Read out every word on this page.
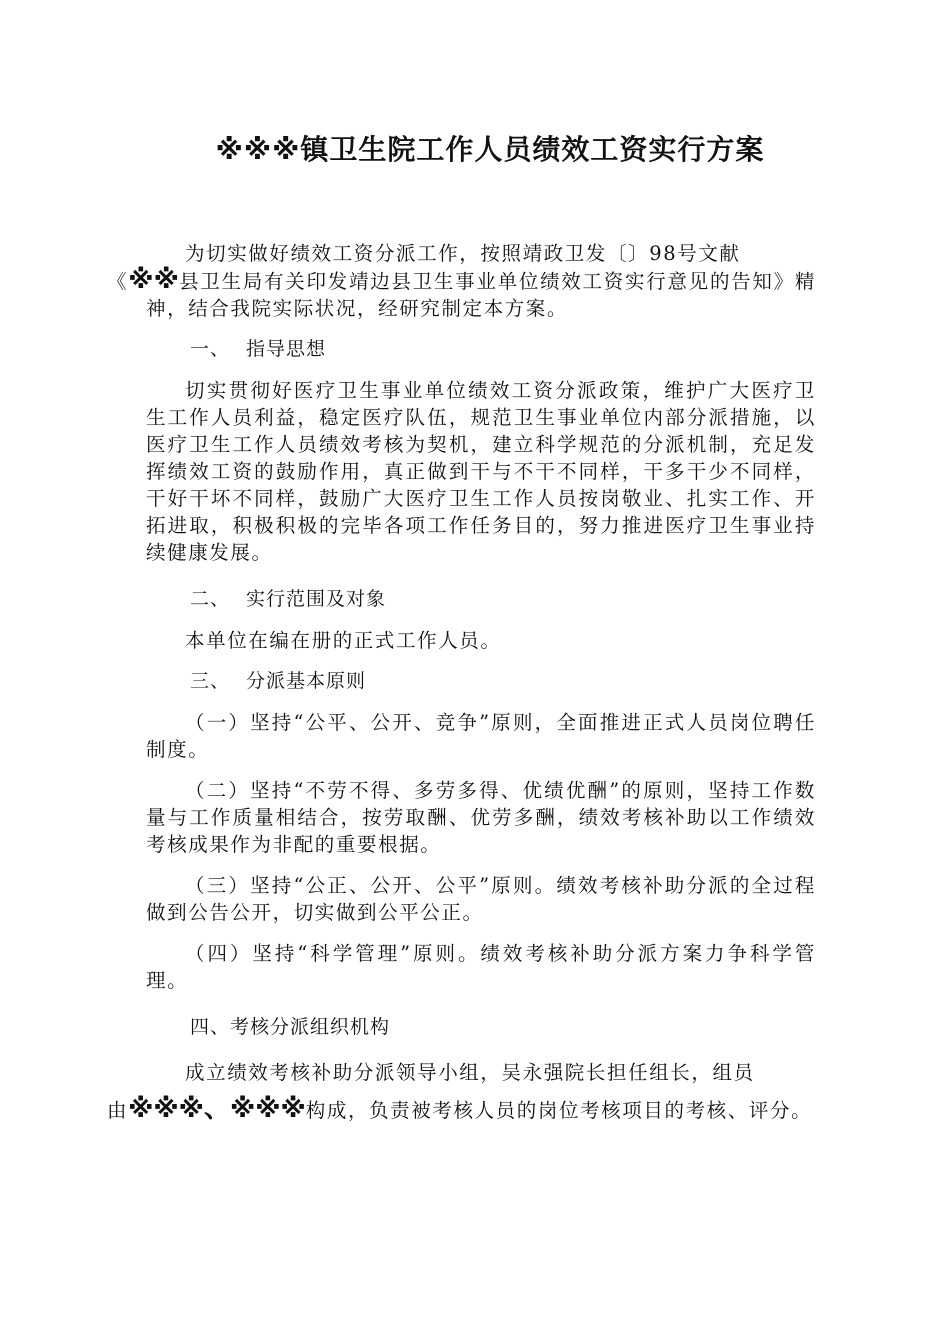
※※※镇卫生院工作人员绩效工资实行方案

为切实做好绩效工资分派工作，按照靖政卫发〔〕98号文献
《※※县卫生局有关印发靖边县卫生事业单位绩效工资实行意见的告知》精神，结合我院实际状况，经研究制定本方案。

一、 指导思想

切实贯彻好医疗卫生事业单位绩效工资分派政策，维护广大医疗卫生工作人员利益，稳定医疗队伍，规范卫生事业单位内部分派措施，以医疗卫生工作人员绩效考核为契机，建立科学规范的分派机制，充足发挥绩效工资的鼓励作用，真正做到干与不干不同样，干多干少不同样，干好干坏不同样，鼓励广大医疗卫生工作人员按岗敬业、扎实工作、开拓进取，积极积极的完毕各项工作任务目的，努力推进医疗卫生事业持续健康发展。

二、 实行范围及对象

本单位在编在册的正式工作人员。

三、 分派基本原则

（一）坚持“公平、公开、竞争”原则，全面推进正式人员岗位聘任制度。

（二）坚持“不劳不得、多劳多得、优绩优酬”的原则，坚持工作数量与工作质量相结合，按劳取酬、优劳多酬，绩效考核补助以工作绩效考核成果作为非配的重要根据。

（三）坚持“公正、公开、公平”原则。绩效考核补助分派的全过程做到公告公开，切实做到公平公正。

（四）坚持“科学管理”原则。绩效考核补助分派方案力争科学管理。

四、考核分派组织机构

成立绩效考核补助分派领导小组，吴永强院长担任组长，组员
由※※※、※※※构成，负责被考核人员的岗位考核项目的考核、评分。
